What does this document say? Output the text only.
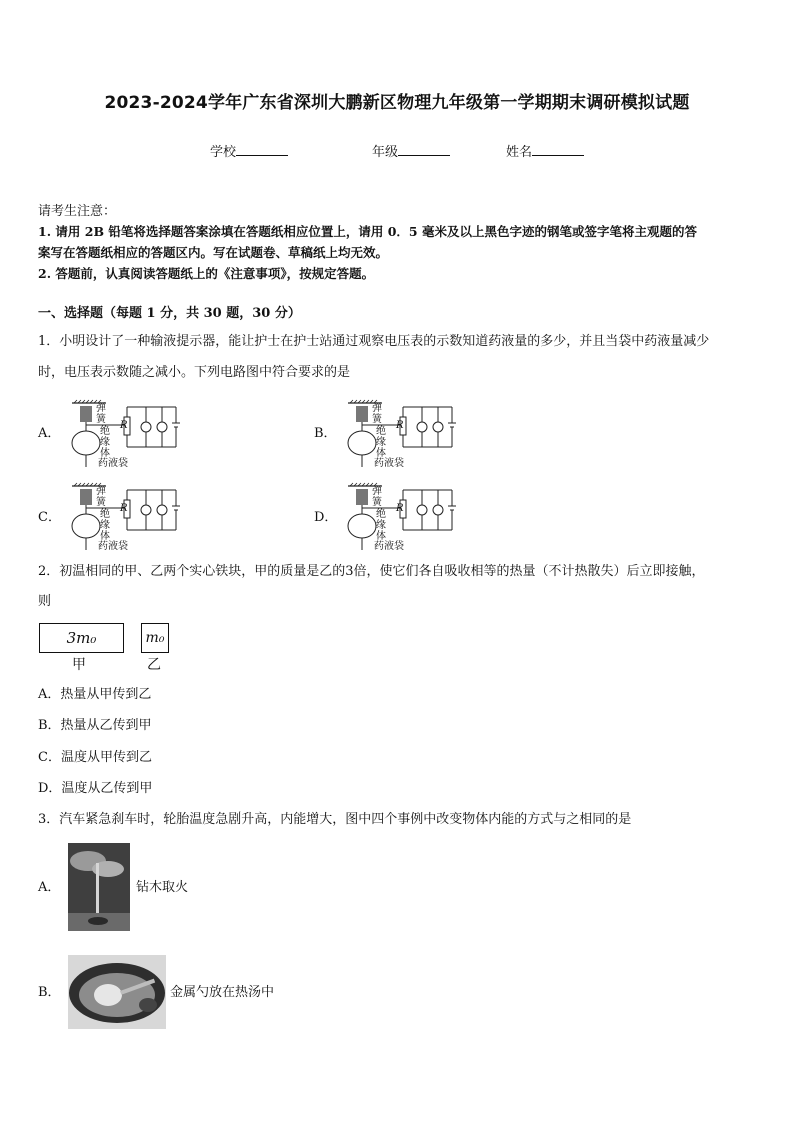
2023-2024学年广东省深圳大鹏新区物理九年级第一学期期末调研模拟试题
学校	年级	姓名
请考生注意：
1. 请用 2B 铅笔将选择题答案涂填在答题纸相应位置上，请用 0．5 毫米及以上黑色字迹的钢笔或签字笔将主观题的答
案写在答题纸相应的答题区内。写在试题卷、草稿纸上均无效。
2. 答题前，认真阅读答题纸上的《注意事项》，按规定答题。
一、选择题（每题 1 分，共 30 题，30 分）
1．小明设计了一种输液提示器，能让护士在护士站通过观察电压表的示数知道药液量的多少，并且当袋中药液量减少
时，电压表示数随之减小。下列电路图中符合要求的是
A．	B．
C．	D．
弹簧
绝缘体
药液袋
R
弹簧
绝缘体
药液袋
R
弹簧
绝缘体
药液袋
R
弹簧
绝缘体
药液袋
R
2．初温相同的甲、乙两个实心铁块，甲的质量是乙的3倍，使它们各自吸收相等的热量（不计热散失）后立即接触，
则
3m₀	m₀
甲	乙
A．热量从甲传到乙
B．热量从乙传到甲
C．温度从甲传到乙
D．温度从乙传到甲
3．汽车紧急刹车时，轮胎温度急剧升高，内能增大，图中四个事例中改变物体内能的方式与之相同的是
A．	钻木取火
B．	金属勺放在热汤中
